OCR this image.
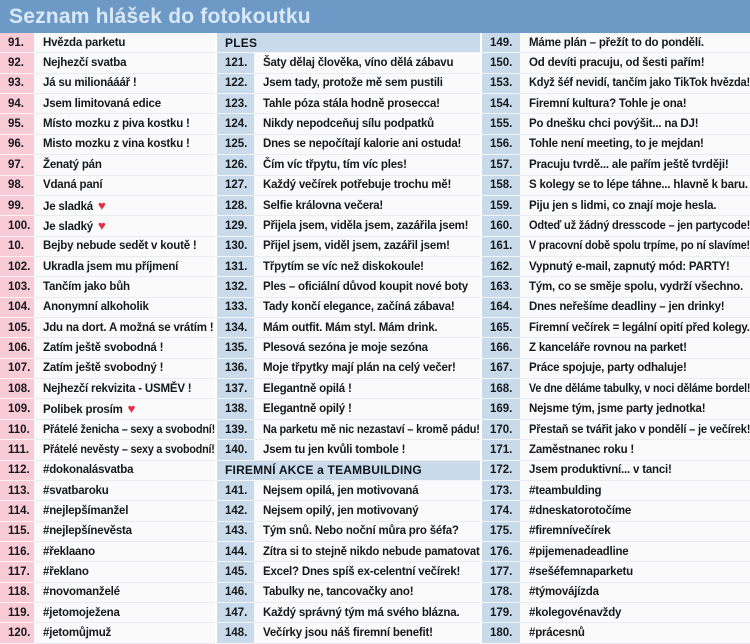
Seznam hlášek do fotokoutku
91.	Hvězda parketu
92.	Nejhezčí svatba
93.	Já su milionááář !
94.	Jsem limitovaná edice
95.	Místo mozku z piva kostku !
96.	Misto mozku z vina kostku !
97.	Ženatý pán
98.	Vdaná paní
99.	Je sladká ♥
100.	Je sladký ♥
10.	Bejby nebude sedět v koutě !
102.	Ukradla jsem mu příjmení
103.	Tančím jako bůh
104.	Anonymní alkoholik
105.	Jdu na dort. A možná se vrátím !
106.	Zatím ještě svobodná !
107.	Zatím ještě svobodný !
108.	Nejhezčí rekvizita - USMĚV !
109.	Polibek prosím ♥
110.	Přátelé ženicha – sexy a svobodní!
111.	Přátelé nevěsty – sexy a svobodní!
112.	#dokonalásvatba
113.	#svatbaroku
114.	#nejlepšímanžel
115.	#nejlepšínevěsta
116.	#řeklaano
117.	#řeklano
118.	#novomanželé
119.	#jetomoježena
120.	#jetomůjmuž
PLES
121.	Šaty dělaj člověka, víno dělá zábavu
122.	Jsem tady, protože mě sem pustili
123.	Tahle póza stála hodně prosecca!
124.	Nikdy nepodceňuj sílu podpatků
125.	Dnes se nepočítají kalorie ani ostuda!
126.	Čím víc třpytu, tím víc ples!
127.	Každý večírek potřebuje trochu mě!
128.	Selfie královna večera!
129.	Přijela jsem, viděla jsem, zazářila jsem!
130.	Přijel jsem, viděl jsem, zazářil jsem!
131.	Třpytím se víc než diskokoule!
132.	Ples – oficiální důvod koupit nové boty
133.	Tady končí elegance, začíná zábava!
134.	Mám outfit. Mám styl. Mám drink.
135.	Plesová sezóna je moje sezóna
136.	Moje třpytky mají plán na celý večer!
137.	Elegantně opilá !
138.	Elegantně opilý !
139.	Na parketu mě nic nezastaví – kromě pádu!
140.	Jsem tu jen kvůli tombole !
FIREMNÍ AKCE a TEAMBUILDING
141.	Nejsem opilá, jen motivovaná
142.	Nejsem opilý, jen motivovaný
143.	Tým snů. Nebo noční můra pro šéfa?
144.	Zítra si to stejně nikdo nebude pamatovat
145.	Excel? Dnes spíš ex-celentní večírek!
146.	Tabulky ne, tancovačky ano!
147.	Každý správný tým má svého blázna.
148.	Večírky jsou náš firemní benefit!
149.	Máme plán – přežít to do pondělí.
150.	Od devíti pracuju, od šesti pařím!
153.	Když šéf nevidí, tančím jako TikTok hvězda!
154.	Firemní kultura? Tohle je ona!
155.	Po dnešku chci povýšit... na DJ!
156.	Tohle není meeting, to je mejdan!
157.	Pracuju tvrdě... ale pařím ještě tvrději!
158.	S kolegy se to lépe táhne... hlavně k baru.
159.	Piju jen s lidmi, co znají moje hesla.
160.	Odteď už žádný dresscode – jen partycode!
161.	V pracovní době spolu trpíme, po ní slavíme!
162.	Vypnutý e-mail, zapnutý mód: PARTY!
163.	Tým, co se směje spolu, vydrží všechno.
164.	Dnes neřešíme deadliny – jen drinky!
165.	Firemní večírek = legální opití před kolegy.
166.	Z kanceláře rovnou na parket!
167.	Práce spojuje, party odhaluje!
168.	Ve dne děláme tabulky, v noci děláme bordel!
169.	Nejsme tým, jsme party jednotka!
170.	Přestaň se tvářit jako v pondělí – je večírek!
171.	Zaměstnanec roku !
172.	Jsem produktivní... v tanci!
173.	#teambulding
174.	#dneskatorotočíme
175.	#firemnívečírek
176.	#pijemenadeadline
177.	#sešéfemnaparketu
178.	#týmovájízda
179.	#kolegovénavždy
180.	#prácesnů
